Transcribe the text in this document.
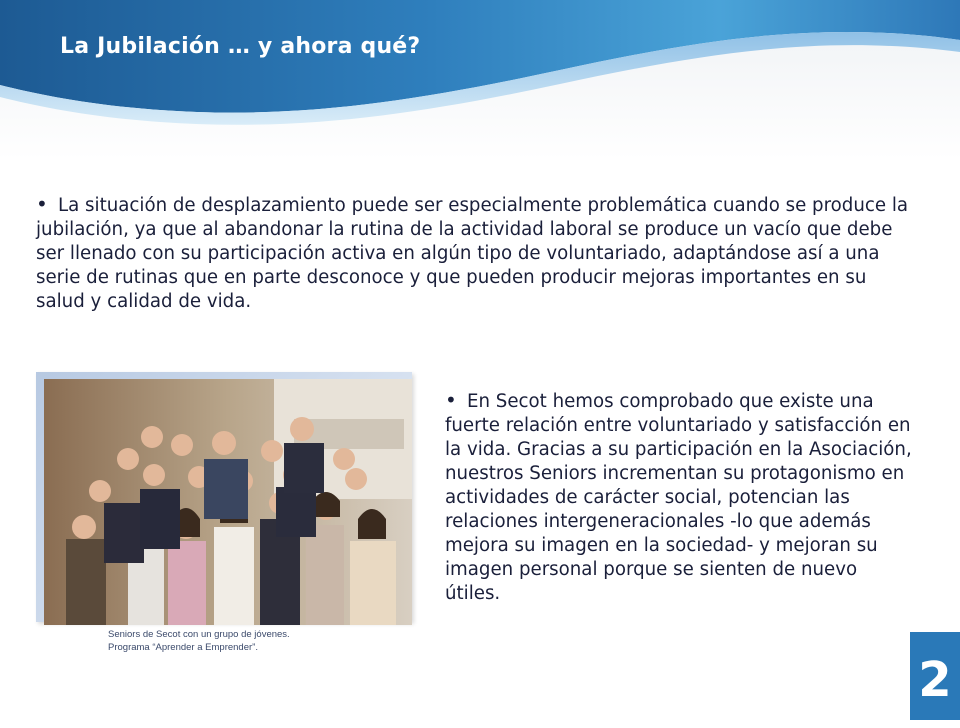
La Jubilación … y ahora qué?
• La situación de desplazamiento puede ser especialmente problemática cuando se produce la jubilación, ya que al abandonar la rutina de la actividad laboral se produce un vacío que debe ser llenado con su participación activa en algún tipo de voluntariado, adaptándose así a una serie de rutinas que en parte desconoce y que pueden producir mejoras importantes en su salud y calidad de vida.
Seniors de Secot con un grupo de jóvenes.
Programa “Aprender a Emprender”.
• En Secot hemos comprobado que existe una fuerte relación entre voluntariado y satisfacción en la vida. Gracias a su participación en la Asociación, nuestros Seniors incrementan su protagonismo en actividades de carácter social, potencian las relaciones intergeneracionales -lo que además mejora su imagen en la sociedad- y mejoran su imagen personal porque se sienten de nuevo útiles.
2
